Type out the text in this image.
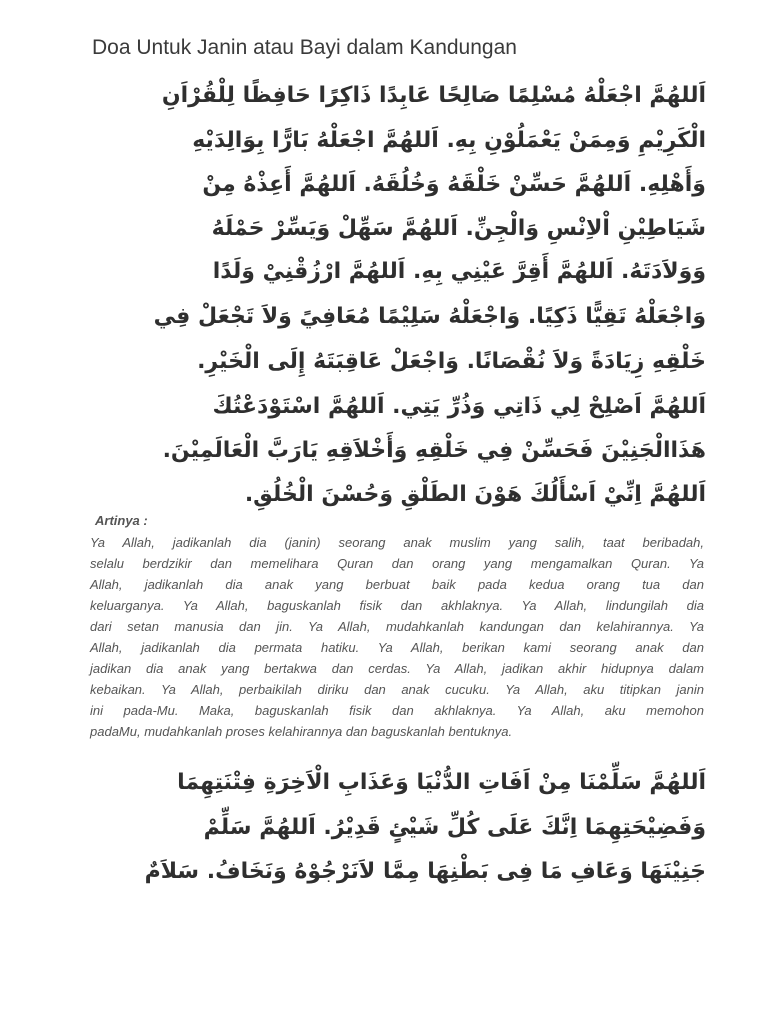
Doa Untuk Janin atau Bayi dalam Kandungan
اَللهُمَّ اجْعَلْهُ مُسْلِمًا صَالِحًا عَابِدًا ذَاكِرًا حَافِظًا لِلْقُرْاَنِ
الْكَرِيْمِ وَمِمَنْ يَعْمَلُوْنِ بِهِ. اَللهُمَّ اجْعَلْهُ بَارًّا بِوَالِدَيْهِ
وَأَهْلِهِ. اَللهُمَّ حَسِّنْ خَلْقَهُ وَخُلُقَهُ. اَللهُمَّ أَعِذْهُ مِنْ
شَيَاطِيْنِ اْلاِنْسِ وَالْجِنِّ. اَللهُمَّ سَهِّلْ وَيَسِّرْ حَمْلَهُ
وَوَلاَدَتَهُ. اَللهُمَّ أَقِرَّ عَيْنِي بِهِ. اَللهُمَّ ارْزُقْنِيْ وَلَدًا
وَاجْعَلْهُ تَقِيًّا ذَكِيًا. وَاجْعَلْهُ سَلِيْمًا مُعَافِيً وَلاَ تَجْعَلْ فِي
خَلْقِهِ زِيَادَةً وَلاَ نُقْصَانًا. وَاجْعَلْ عَاقِبَتَهُ إِلَى الْخَيْرِ.
اَللهُمَّ اَصْلِحْ لِي ذَاتِي وَذُرِّ يَتِي. اَللهُمَّ اسْتَوْدَعْتُكَ
هَذَاالْجَنِيْنَ فَحَسِّنْ فِي خَلْقِهِ وَأَخْلاَقِهِ يَارَبَّ الْعَالَمِيْنَ.
اَللهُمَّ اِنِّيْ اَسْأَلُكَ هَوْنَ الطَلْقِ وَحُسْنَ الْخُلُقِ.
Artinya :
Ya Allah, jadikanlah dia (janin) seorang anak muslim yang salih, taat beribadah,
selalu berdzikir dan memelihara Quran dan orang yang mengamalkan Quran. Ya
Allah, jadikanlah dia anak yang berbuat baik pada kedua orang tua dan
keluarganya. Ya Allah, baguskanlah fisik dan akhlaknya. Ya Allah, lindungilah dia
dari setan manusia dan jin. Ya Allah, mudahkanlah kandungan dan kelahirannya. Ya
Allah, jadikanlah dia permata hatiku. Ya Allah, berikan kami seorang anak dan
jadikan dia anak yang bertakwa dan cerdas. Ya Allah, jadikan akhir hidupnya dalam
kebaikan. Ya Allah, perbaikilah diriku dan anak cucuku. Ya Allah, aku titipkan janin
ini pada-Mu. Maka, baguskanlah fisik dan akhlaknya. Ya Allah, aku memohon
padaMu, mudahkanlah proses kelahirannya dan baguskanlah bentuknya.
اَللهُمَّ سَلِّمْنَا مِنْ اَفَاتِ الدُّنْيَا وَعَذَابِ الْاَخِرَةِ فِتْنَتِهِمَا
وَفَضِيْحَتِهِمَا اِنَّكَ عَلَى كُلِّ شَيْئٍ قَدِيْرُ. اَللهُمَّ سَلِّمْ
جَنِيْنَهَا وَعَافِ مَا فِى بَطْنِهَا مِمَّا لاَنَرْجُوْهُ وَنَخَافُ. سَلاَمٌ
